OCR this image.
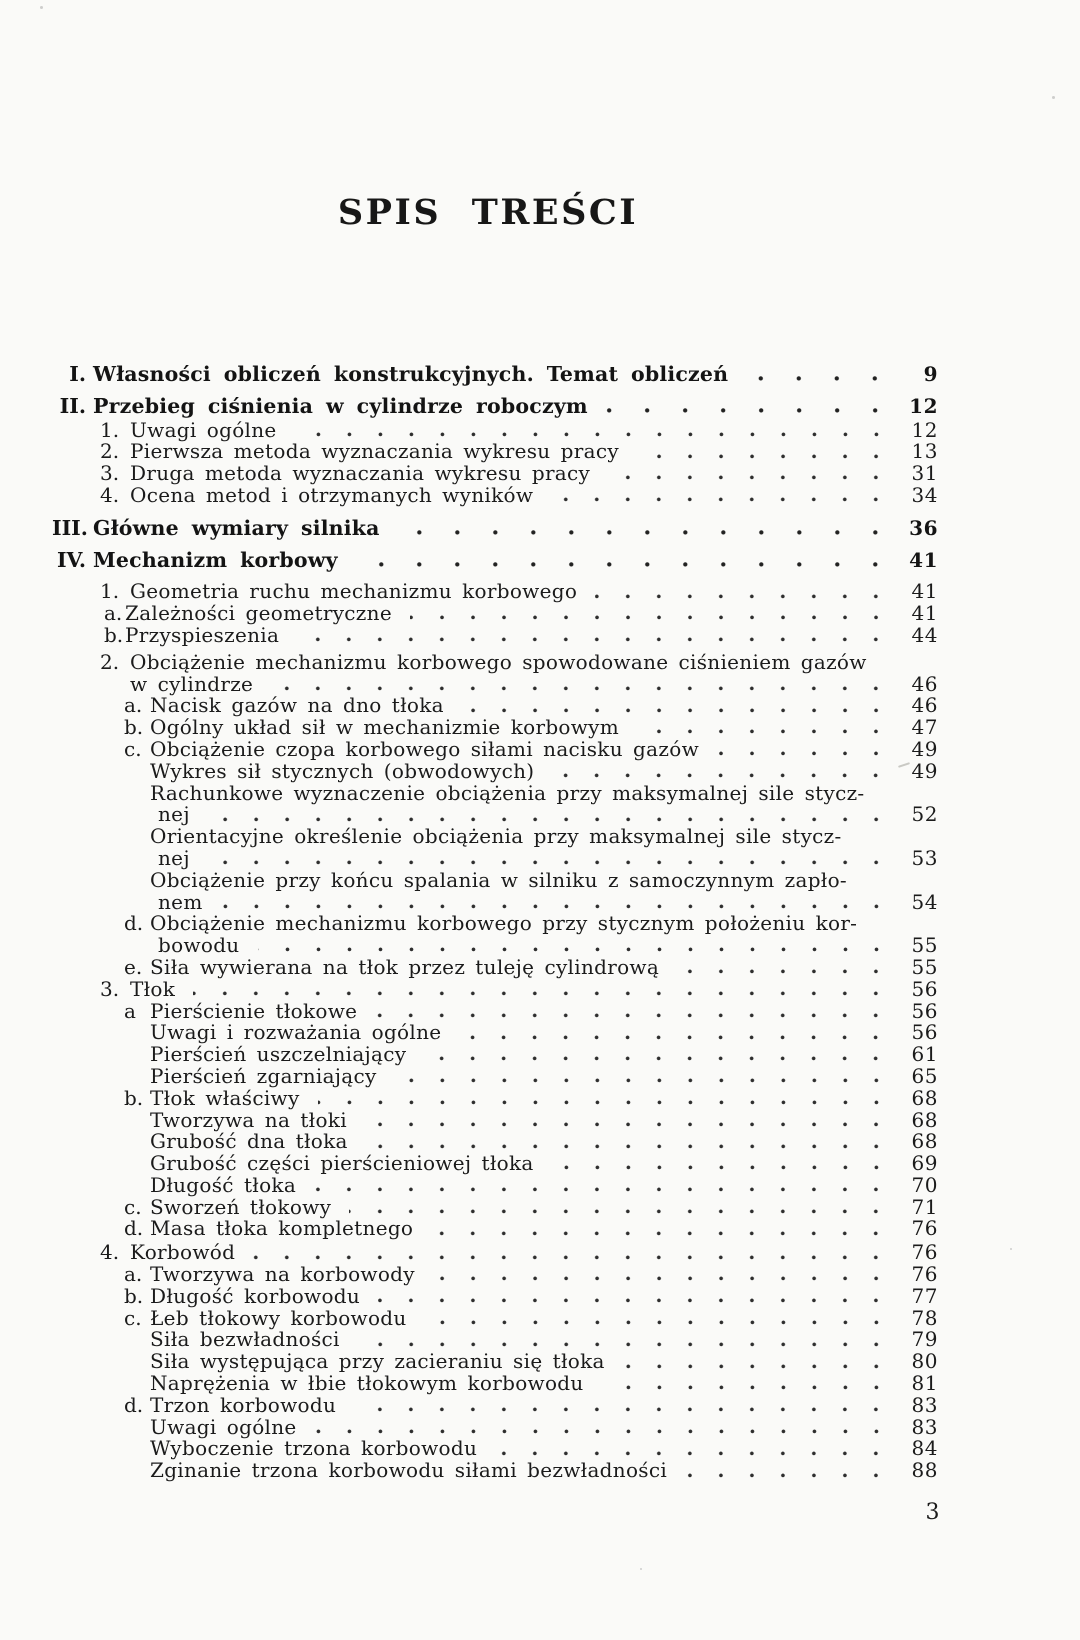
SPIS TREŚCI
I. Własności obliczeń konstrukcyjnych. Temat obliczeń	9
II. Przebieg ciśnienia w cylindrze roboczym	12
1. Uwagi ogólne	12
2. Pierwsza metoda wyznaczania wykresu pracy	13
3. Druga metoda wyznaczania wykresu pracy	31
4. Ocena metod i otrzymanych wyników	34
III. Główne wymiary silnika	36
IV. Mechanizm korbowy	41
1. Geometria ruchu mechanizmu korbowego	41
a. Zależności geometryczne	41
b. Przyspieszenia	44
2. Obciążenie mechanizmu korbowego spowodowane ciśnieniem gazów
w cylindrze	46
a. Nacisk gazów na dno tłoka	46
b. Ogólny układ sił w mechanizmie korbowym	47
c. Obciążenie czopa korbowego siłami nacisku gazów	49
Wykres sił stycznych (obwodowych)	49
Rachunkowe wyznaczenie obciążenia przy maksymalnej sile stycz-
nej	52
Orientacyjne określenie obciążenia przy maksymalnej sile stycz-
nej	53
Obciążenie przy końcu spalania w silniku z samoczynnym zapło-
nem	54
d. Obciążenie mechanizmu korbowego przy stycznym położeniu kor-
bowodu	55
e. Siła wywierana na tłok przez tuleję cylindrową	55
3. Tłok	56
a Pierścienie tłokowe	56
Uwagi i rozważania ogólne	56
Pierścień uszczelniający	61
Pierścień zgarniający	65
b. Tłok właściwy	68
Tworzywa na tłoki	68
Grubość dna tłoka	68
Grubość części pierścieniowej tłoka	69
Długość tłoka	70
c. Sworzeń tłokowy	71
d. Masa tłoka kompletnego	76
4. Korbowód	76
a. Tworzywa na korbowody	76
b. Długość korbowodu	77
c. Łeb tłokowy korbowodu	78
Siła bezwładności	79
Siła występująca przy zacieraniu się tłoka	80
Naprężenia w łbie tłokowym korbowodu	81
d. Trzon korbowodu	83
Uwagi ogólne	83
Wyboczenie trzona korbowodu	84
Zginanie trzona korbowodu siłami bezwładności	88
3
